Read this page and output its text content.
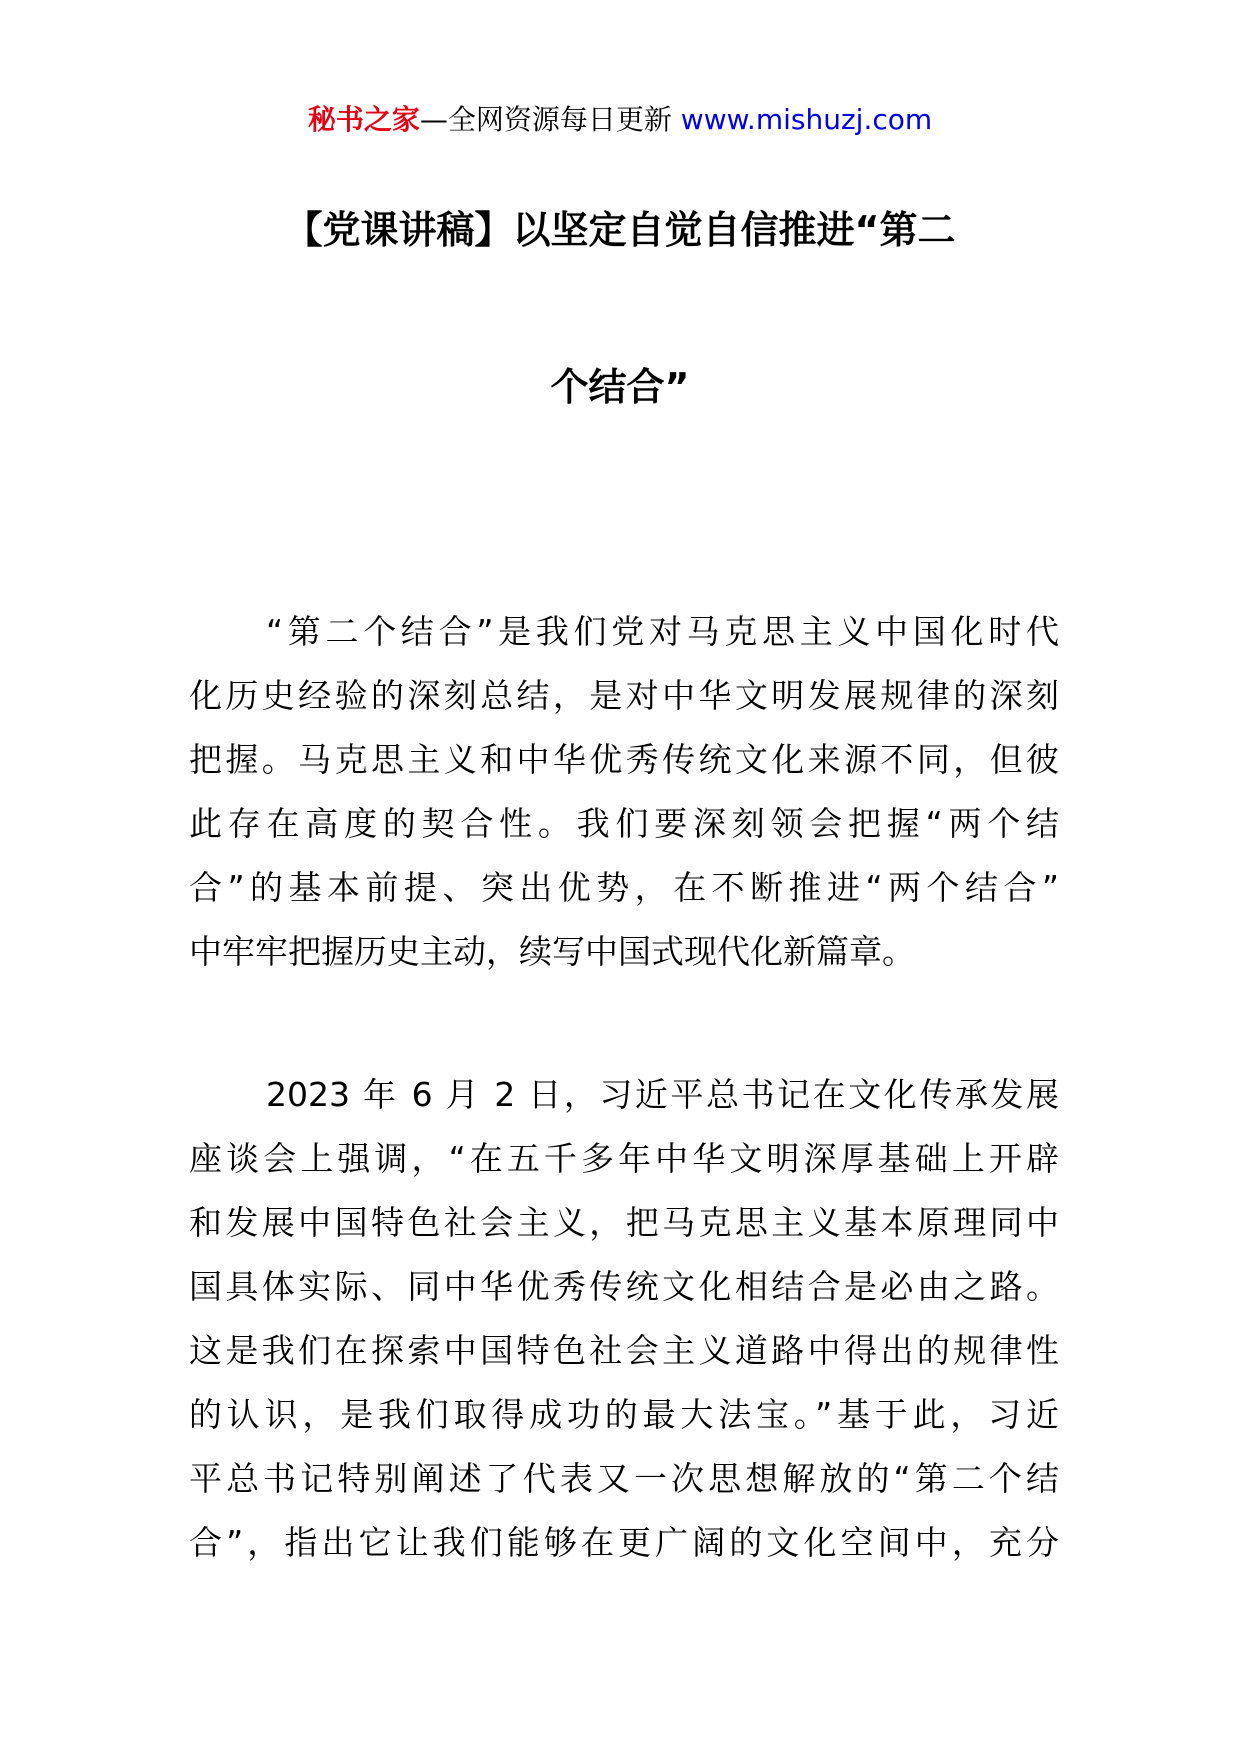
秘书之家—全网资源每日更新 www.mishuzj.com
【党课讲稿】以坚定自觉自信推进“第二
个结合”
“第二个结合”是我们党对马克思主义中国化时代
化历史经验的深刻总结，是对中华文明发展规律的深刻
把握。马克思主义和中华优秀传统文化来源不同，但彼
此存在高度的契合性。我们要深刻领会把握“两个结
合”的基本前提、突出优势，在不断推进“两个结合”
中牢牢把握历史主动，续写中国式现代化新篇章。
2023 年 6 月 2 日，习近平总书记在文化传承发展
座谈会上强调，“在五千多年中华文明深厚基础上开辟
和发展中国特色社会主义，把马克思主义基本原理同中
国具体实际、同中华优秀传统文化相结合是必由之路。
这是我们在探索中国特色社会主义道路中得出的规律性
的认识，是我们取得成功的最大法宝。”基于此，习近
平总书记特别阐述了代表又一次思想解放的“第二个结
合”，指出它让我们能够在更广阔的文化空间中，充分
